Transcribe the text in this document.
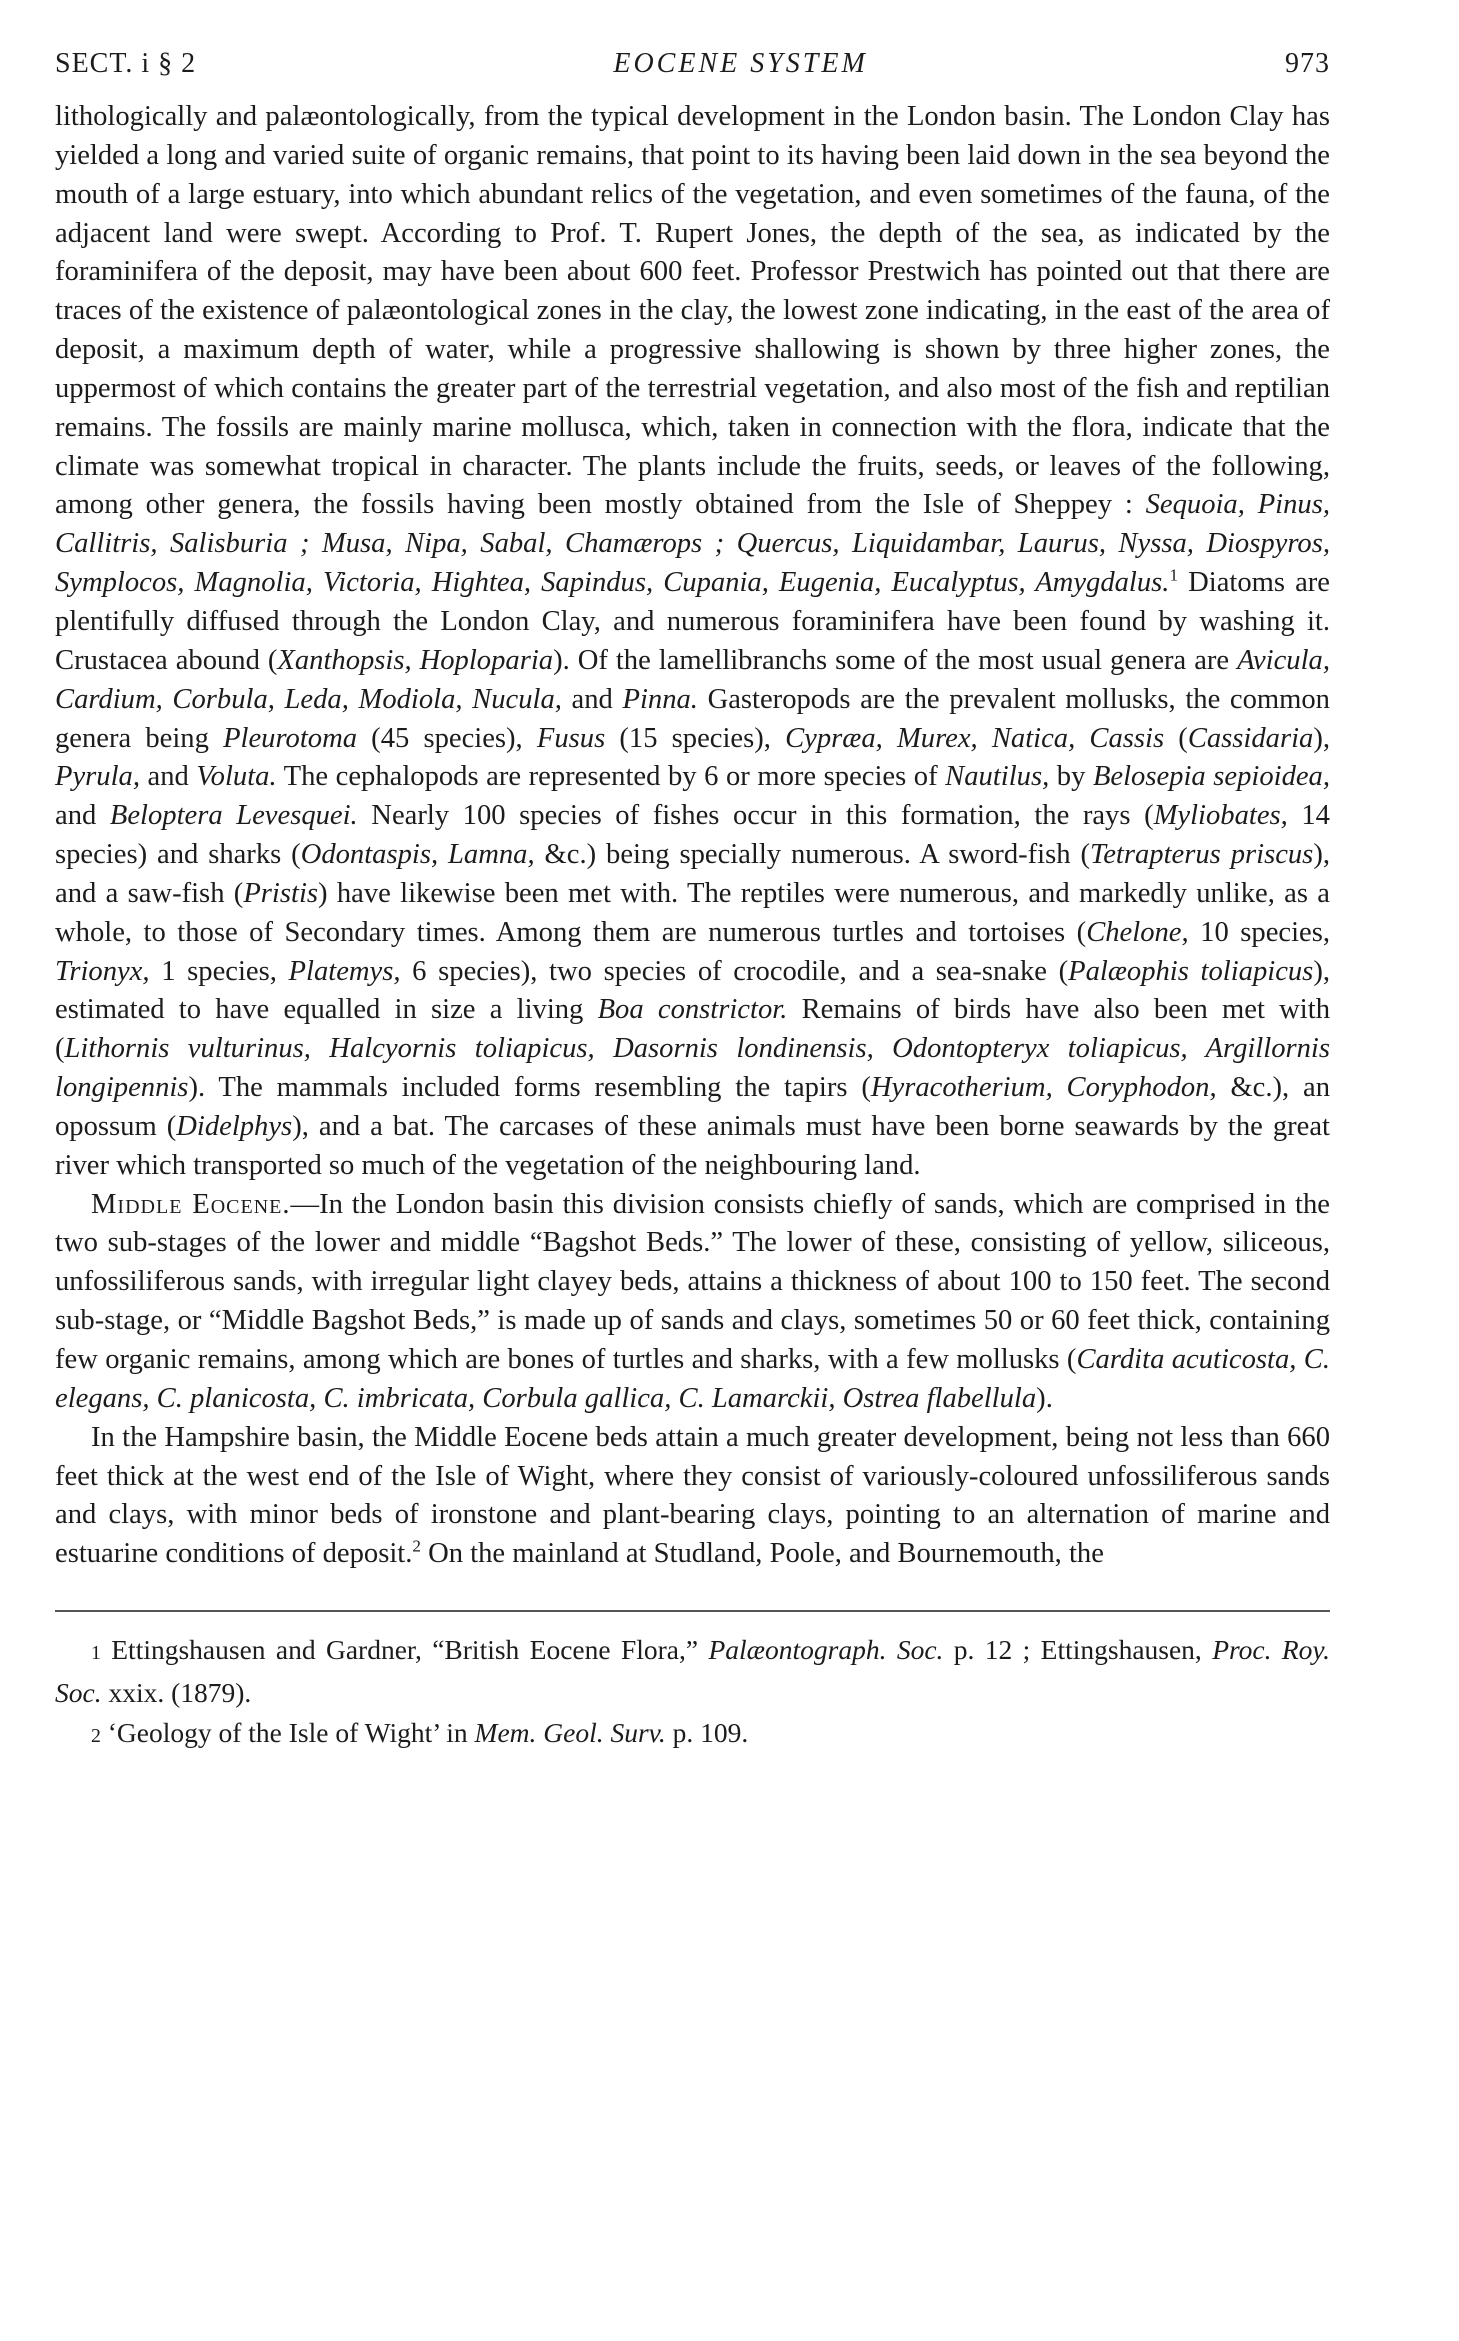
SECT. i § 2	EOCENE SYSTEM	973

lithologically and palæontologically, from the typical development in the London basin. The London Clay has yielded a long and varied suite of organic remains, that point to its having been laid down in the sea beyond the mouth of a large estuary, into which abundant relics of the vegetation, and even sometimes of the fauna, of the adjacent land were swept. According to Prof. T. Rupert Jones, the depth of the sea, as indicated by the foraminifera of the deposit, may have been about 600 feet. Professor Prestwich has pointed out that there are traces of the existence of palæontological zones in the clay, the lowest zone indicating, in the east of the area of deposit, a maximum depth of water, while a progressive shallowing is shown by three higher zones, the uppermost of which contains the greater part of the terrestrial vegetation, and also most of the fish and reptilian remains. The fossils are mainly marine mollusca, which, taken in connection with the flora, indicate that the climate was somewhat tropical in character. The plants include the fruits, seeds, or leaves of the following, among other genera, the fossils having been mostly obtained from the Isle of Sheppey : Sequoia, Pinus, Callitris, Salisburia ; Musa, Nipa, Sabal, Chamærops ; Quercus, Liquidambar, Laurus, Nyssa, Diospyros, Symplocos, Magnolia, Victoria, Hightea, Sapindus, Cupania, Eugenia, Eucalyptus, Amygdalus.$^1$ Diatoms are plentifully diffused through the London Clay, and numerous foraminifera have been found by washing it. Crustacea abound (Xanthopsis, Hoploparia). Of the lamellibranchs some of the most usual genera are Avicula, Cardium, Corbula, Leda, Modiola, Nucula, and Pinna. Gasteropods are the prevalent mollusks, the common genera being Pleurotoma (45 species), Fusus (15 species), Cypræa, Murex, Natica, Cassis (Cassidaria), Pyrula, and Voluta. The cephalopods are represented by 6 or more species of Nautilus, by Belosepia sepioidea, and Beloptera Levesquei. Nearly 100 species of fishes occur in this formation, the rays (Myliobates, 14 species) and sharks (Odontaspis, Lamna, &c.) being specially numerous. A sword-fish (Tetrapterus priscus), and a saw-fish (Pristis) have likewise been met with. The reptiles were numerous, and markedly unlike, as a whole, to those of Secondary times. Among them are numerous turtles and tortoises (Chelone, 10 species, Trionyx, 1 species, Platemys, 6 species), two species of crocodile, and a sea-snake (Palæophis toliapicus), estimated to have equalled in size a living Boa constrictor. Remains of birds have also been met with (Lithornis vulturinus, Halcyornis toliapicus, Dasornis londinensis, Odontopteryx toliapicus, Argillornis longipennis). The mammals included forms resembling the tapirs (Hyracotherium, Coryphodon, &c.), an opossum (Didelphys), and a bat. The carcases of these animals must have been borne seawards by the great river which transported so much of the vegetation of the neighbouring land.

Middle Eocene.—In the London basin this division consists chiefly of sands, which are comprised in the two sub-stages of the lower and middle “Bagshot Beds.” The lower of these, consisting of yellow, siliceous, unfossiliferous sands, with irregular light clayey beds, attains a thickness of about 100 to 150 feet. The second sub-stage, or “Middle Bagshot Beds,” is made up of sands and clays, sometimes 50 or 60 feet thick, containing few organic remains, among which are bones of turtles and sharks, with a few mollusks (Cardita acuticosta, C. elegans, C. planicosta, C. imbricata, Corbula gallica, C. Lamarckii, Ostrea flabellula).

In the Hampshire basin, the Middle Eocene beds attain a much greater development, being not less than 660 feet thick at the west end of the Isle of Wight, where they consist of variously-coloured unfossiliferous sands and clays, with minor beds of ironstone and plant-bearing clays, pointing to an alternation of marine and estuarine conditions of deposit.$^2$ On the mainland at Studland, Poole, and Bournemouth, the

1 Ettingshausen and Gardner, “British Eocene Flora,” Palæontograph. Soc. p. 12 ; Ettingshausen, Proc. Roy. Soc. xxix. (1879).

2 ‘Geology of the Isle of Wight’ in Mem. Geol. Surv. p. 109.
